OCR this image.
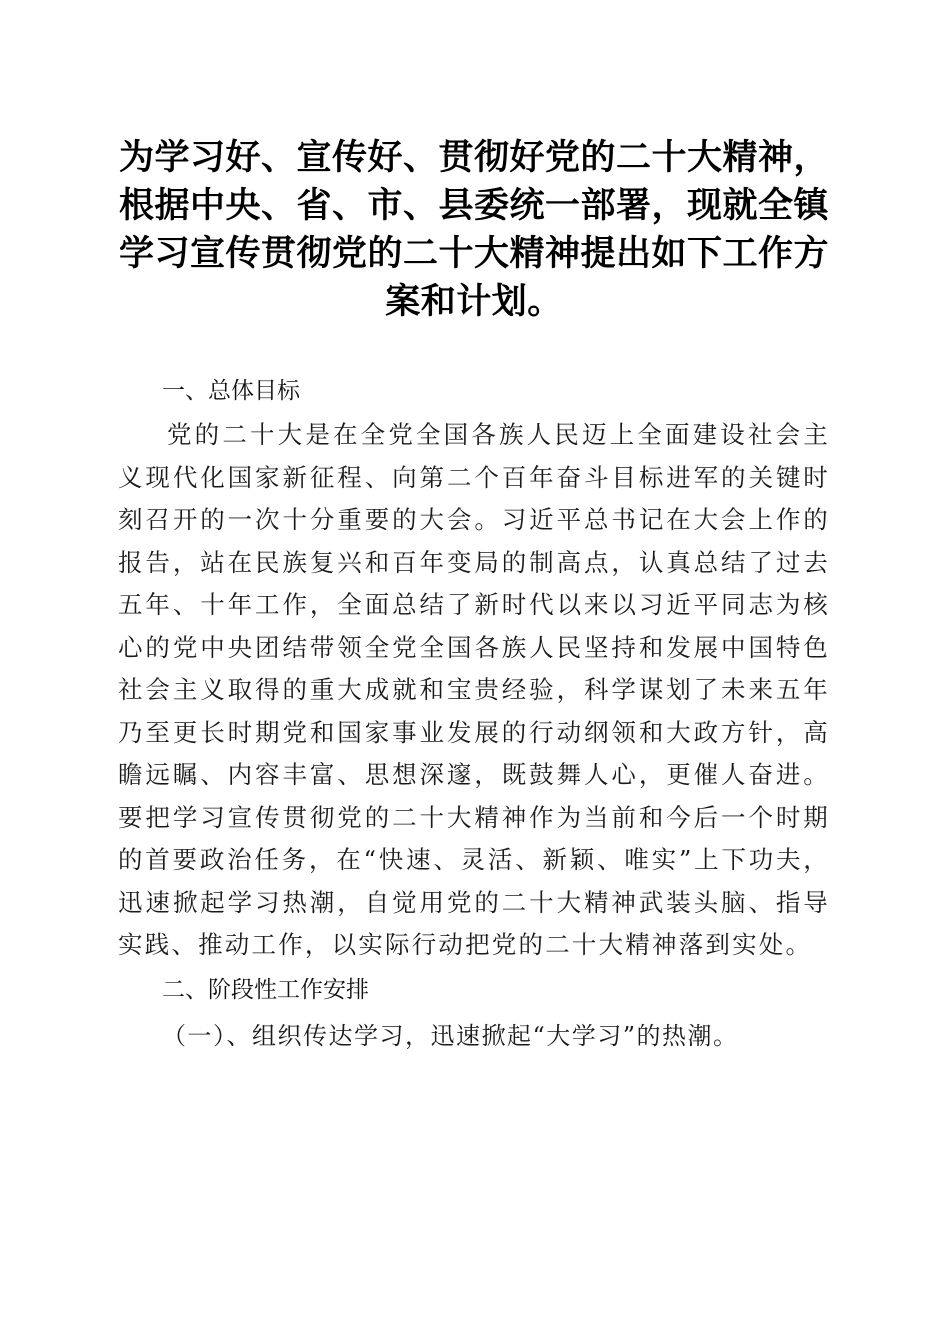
为学习好、宣传好、贯彻好党的二十大精神，根据中央、省、市、县委统一部署，现就全镇学习宣传贯彻党的二十大精神提出如下工作方案和计划。
一、总体目标

党的二十大是在全党全国各族人民迈上全面建设社会主义现代化国家新征程、向第二个百年奋斗目标进军的关键时刻召开的一次十分重要的大会。习近平总书记在大会上作的报告，站在民族复兴和百年变局的制高点，认真总结了过去五年、十年工作，全面总结了新时代以来以习近平同志为核心的党中央团结带领全党全国各族人民坚持和发展中国特色社会主义取得的重大成就和宝贵经验，科学谋划了未来五年乃至更长时期党和国家事业发展的行动纲领和大政方针，高瞻远瞩、内容丰富、思想深邃，既鼓舞人心，更催人奋进。要把学习宣传贯彻党的二十大精神作为当前和今后一个时期的首要政治任务，在“快速、灵活、新颖、唯实”上下功夫，迅速掀起学习热潮，自觉用党的二十大精神武装头脑、指导实践、推动工作，以实际行动把党的二十大精神落到实处。

二、阶段性工作安排

（一）、组织传达学习，迅速掀起“大学习”的热潮。
